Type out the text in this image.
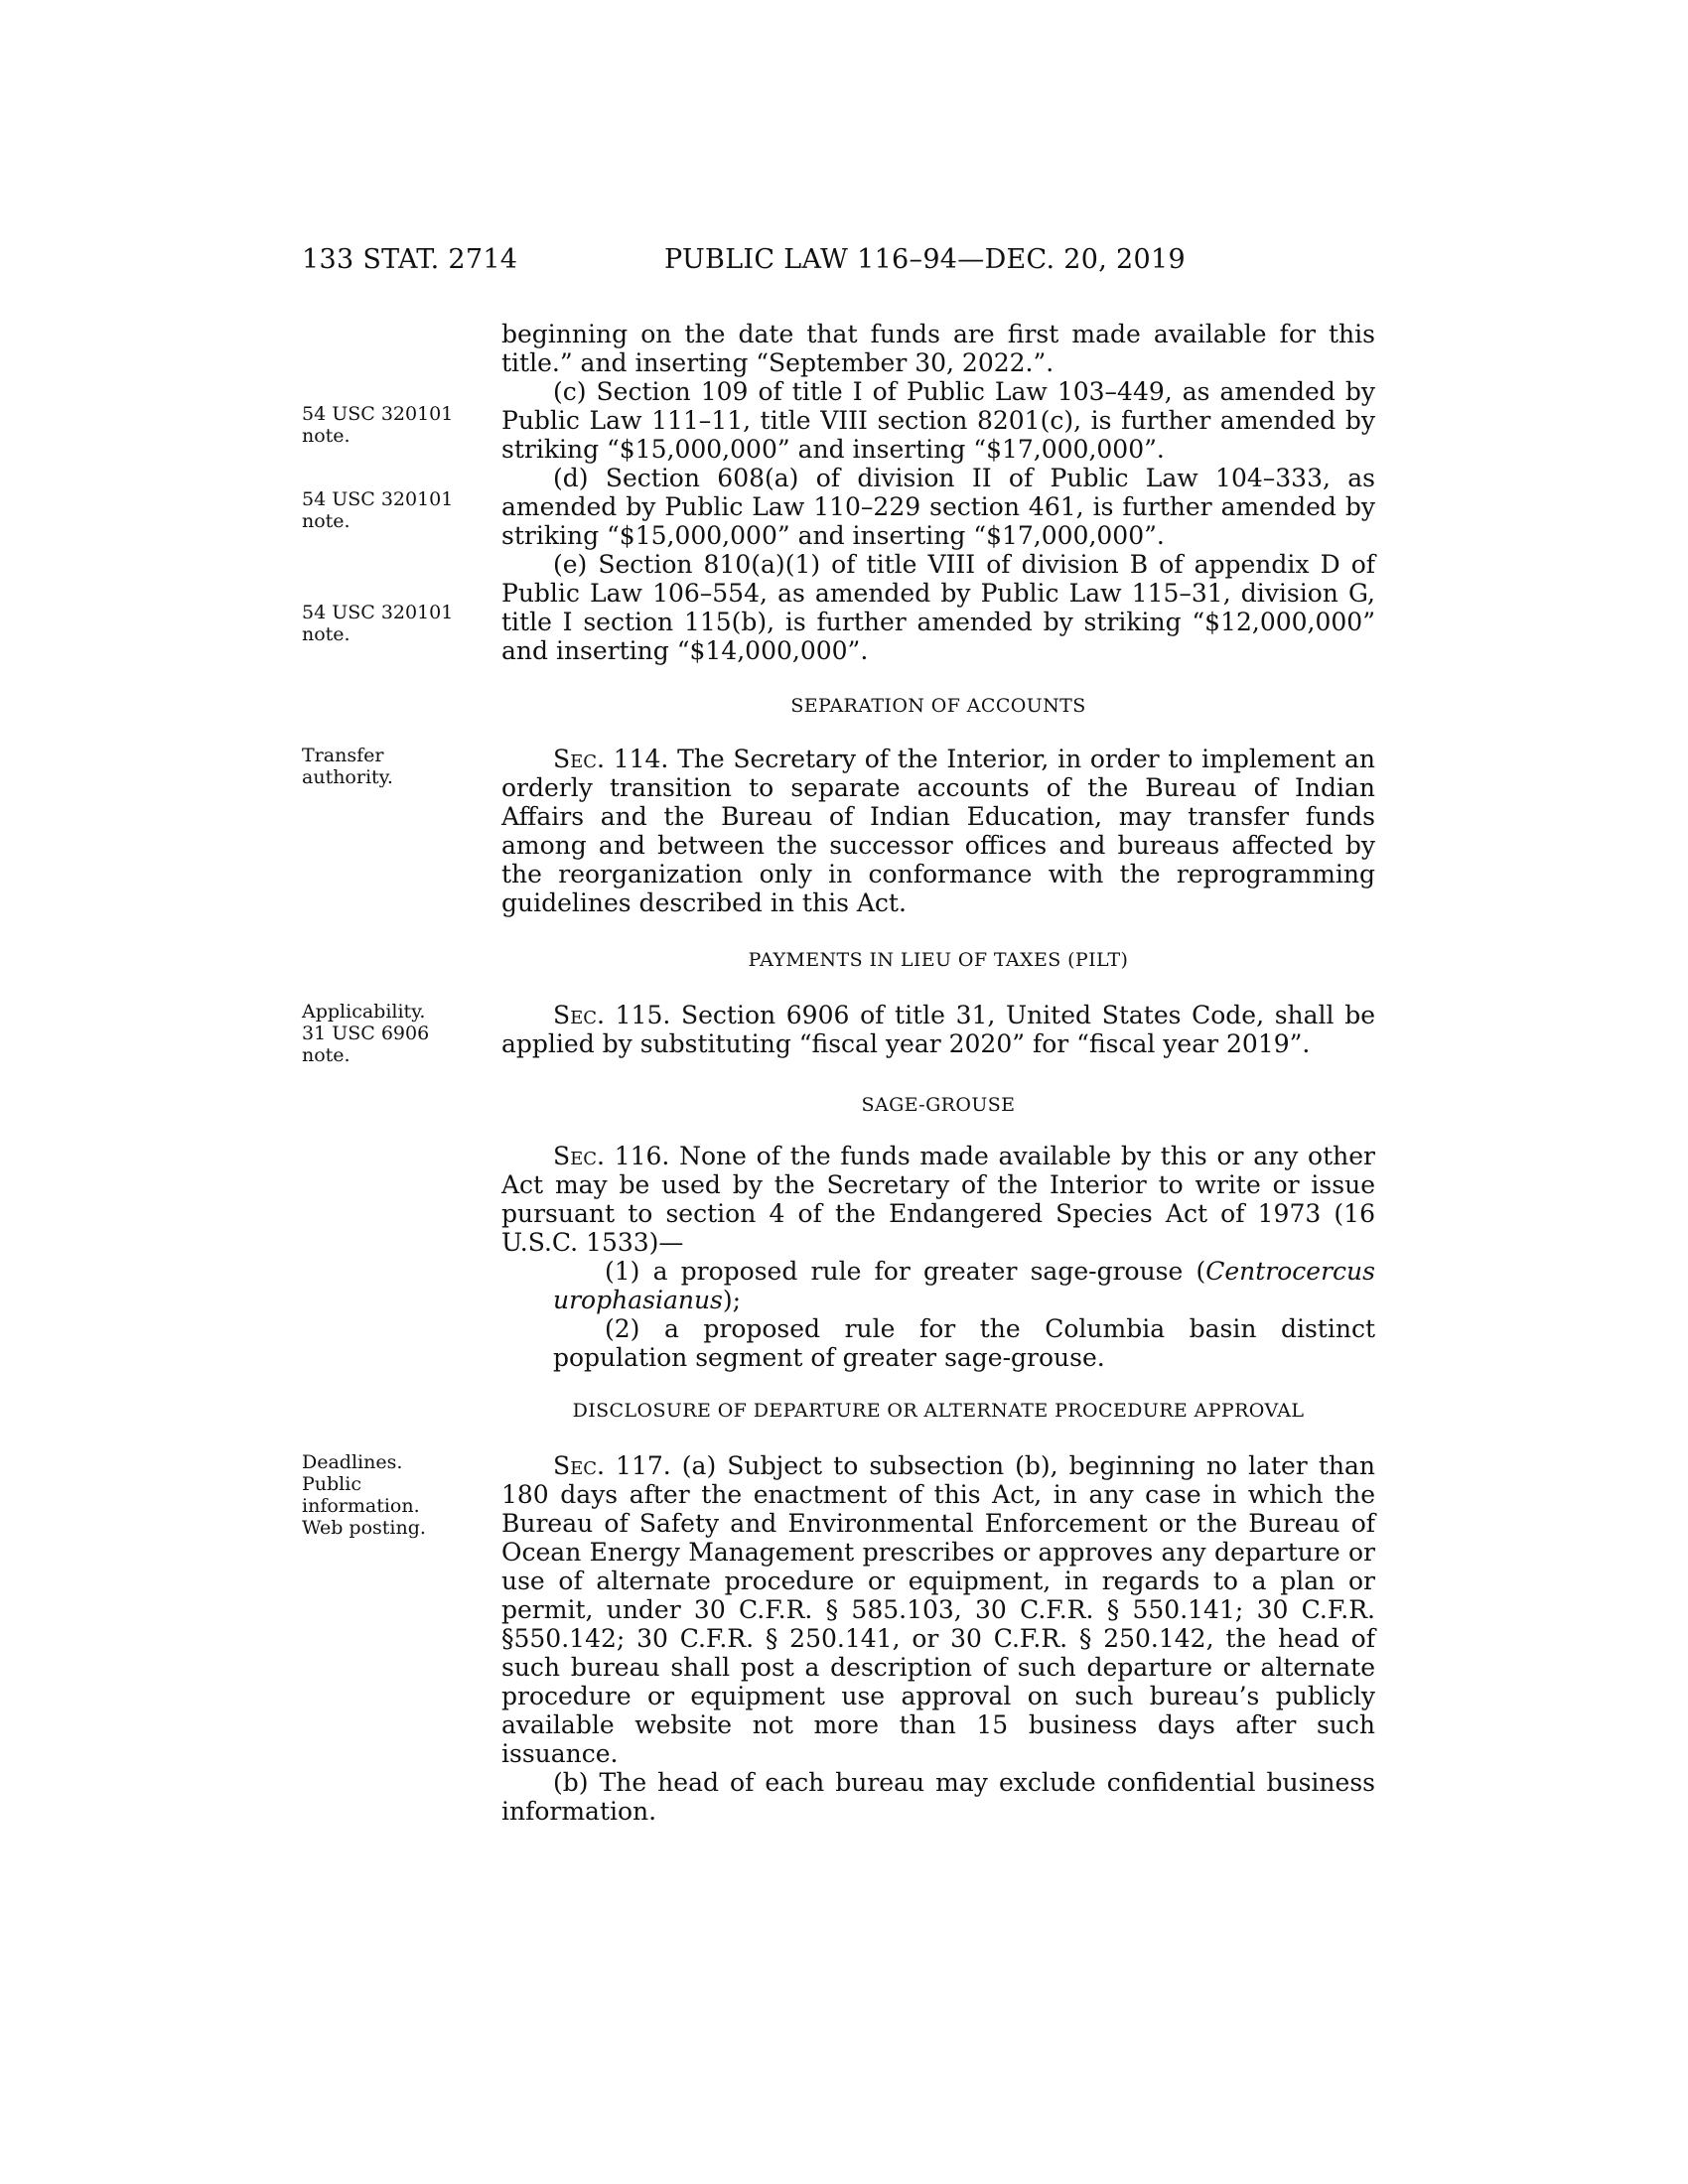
133 STAT. 2714	PUBLIC LAW 116–94—DEC. 20, 2019
54 USC 320101
note.
54 USC 320101
note.
54 USC 320101
note.
Transfer
authority.
Applicability.
31 USC 6906
note.
Deadlines.
Public
information.
Web posting.

beginning on the date that funds are first made available for this title.” and inserting “September 30, 2022.”.

(c) Section 109 of title I of Public Law 103–449, as amended by Public Law 111–11, title VIII section 8201(c), is further amended by striking “$15,000,000” and inserting “$17,000,000”.

(d) Section 608(a) of division II of Public Law 104–333, as amended by Public Law 110–229 section 461, is further amended by striking “$15,000,000” and inserting “$17,000,000”.

(e) Section 810(a)(1) of title VIII of division B of appendix D of Public Law 106–554, as amended by Public Law 115–31, division G, title I section 115(b), is further amended by striking “$12,000,000” and inserting “$14,000,000”.

SEPARATION OF ACCOUNTS

Sec. 114. The Secretary of the Interior, in order to implement an orderly transition to separate accounts of the Bureau of Indian Affairs and the Bureau of Indian Education, may transfer funds among and between the successor offices and bureaus affected by the reorganization only in conformance with the reprogramming guidelines described in this Act.

PAYMENTS IN LIEU OF TAXES (PILT)

Sec. 115. Section 6906 of title 31, United States Code, shall be applied by substituting “fiscal year 2020” for “fiscal year 2019”.

SAGE-GROUSE

Sec. 116. None of the funds made available by this or any other Act may be used by the Secretary of the Interior to write or issue pursuant to section 4 of the Endangered Species Act of 1973 (16 U.S.C. 1533)—

(1) a proposed rule for greater sage-grouse (Centrocercus urophasianus);

(2) a proposed rule for the Columbia basin distinct population segment of greater sage-grouse.

DISCLOSURE OF DEPARTURE OR ALTERNATE PROCEDURE APPROVAL

Sec. 117. (a) Subject to subsection (b), beginning no later than 180 days after the enactment of this Act, in any case in which the Bureau of Safety and Environmental Enforcement or the Bureau of Ocean Energy Management prescribes or approves any departure or use of alternate procedure or equipment, in regards to a plan or permit, under 30 C.F.R. § 585.103, 30 C.F.R. § 550.141; 30 C.F.R. §550.142; 30 C.F.R. § 250.141, or 30 C.F.R. § 250.142, the head of such bureau shall post a description of such departure or alternate procedure or equipment use approval on such bureau’s publicly available website not more than 15 business days after such issuance.

(b) The head of each bureau may exclude confidential business information.
